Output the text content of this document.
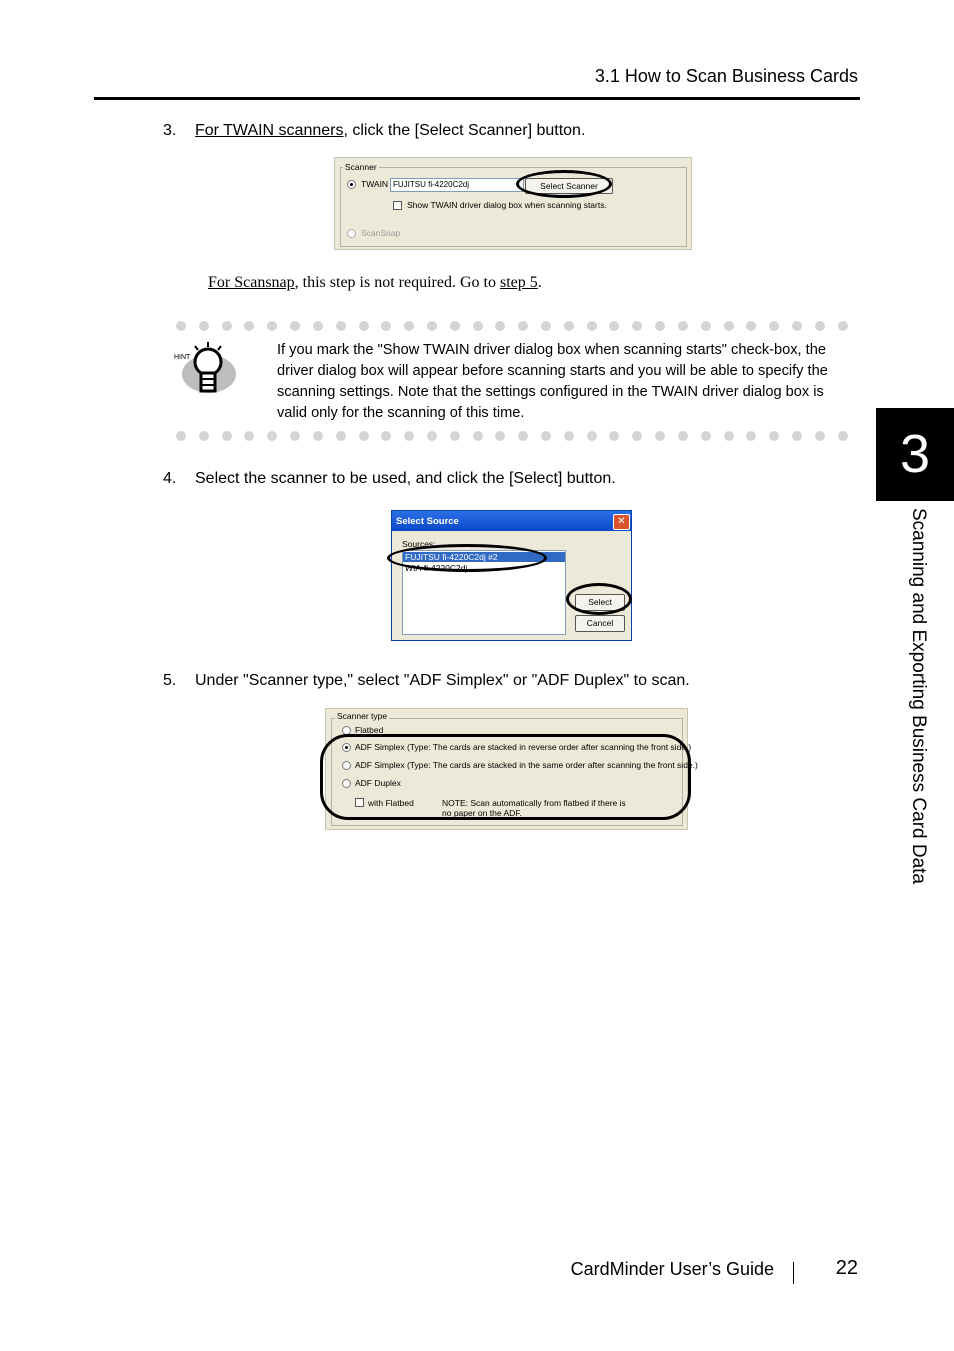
3.1 How to Scan Business Cards
3. For TWAIN scanners, click the [Select Scanner] button.
Scanner
TWAIN FUJITSU fi-4220C2dj	Select Scanner
Show TWAIN driver dialog box when scanning starts.
ScanSnap
For Scansnap, this step is not required. Go to step 5.
HINT	If you mark the "Show TWAIN driver dialog box when scanning starts" check-box, the driver dialog box will appear before scanning starts and you will be able to specify the scanning settings. Note that the settings configured in the TWAIN driver dialog box is valid only for the scanning of this time.
4. Select the scanner to be used, and click the [Select] button.
Select Source	✕
Sources:
FUJITSU fi-4220C2dj #2
WIA-fi-4220C2dj
Select
Cancel
5. Under "Scanner type," select "ADF Simplex" or "ADF Duplex" to scan.
Scanner type
Flatbed
ADF Simplex (Type: The cards are stacked in reverse order after scanning the front side.)
ADF Simplex (Type: The cards are stacked in the same order after scanning the front side.)
ADF Duplex
with Flatbed	NOTE: Scan automatically from flatbed if there is
no paper on the ADF.
3
Scanning and Exporting Business Card Data
CardMinder User’s Guide	22
